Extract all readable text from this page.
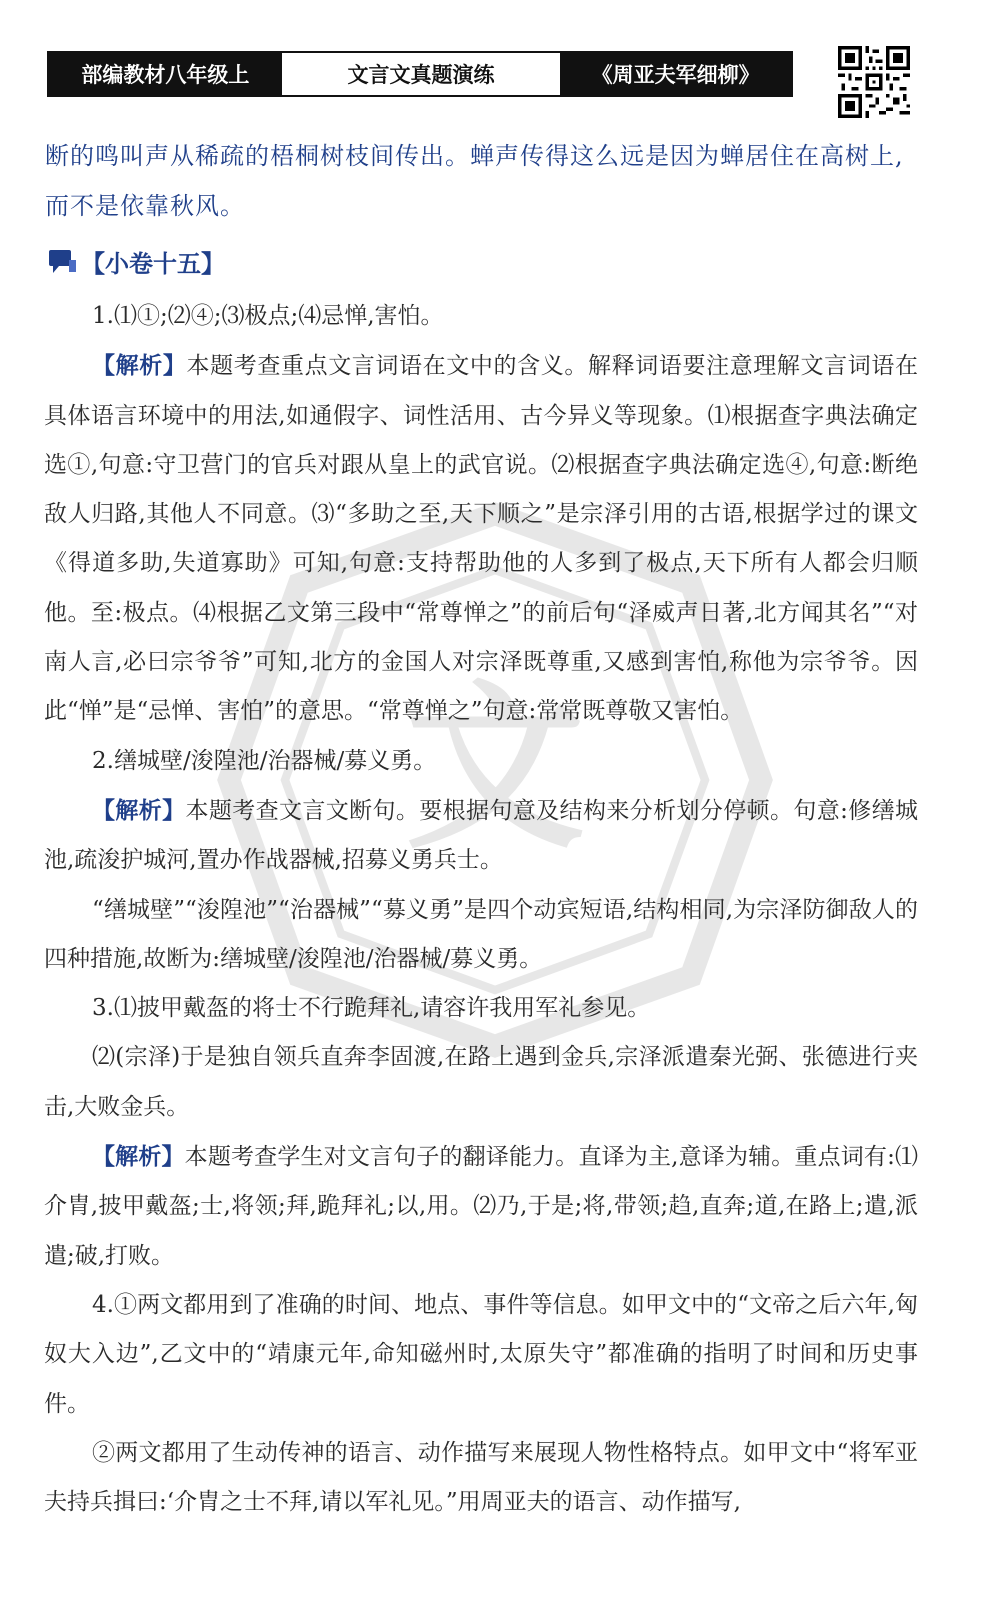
部编教材八年级上	文言文真题演练	《周亚夫军细柳》
断的鸣叫声从稀疏的梧桐树枝间传出。蝉声传得这么远是因为蝉居住在高树上,
而不是依靠秋风。
【小卷十五】
文

1.⑴①;⑵④;⑶极点;⑷忌惮,害怕。

【解析】本题考查重点文言词语在文中的含义。解释词语要注意理解文言词语在具体语言环境中的用法,如通假字、词性活用、古今异义等现象。⑴根据查字典法确定选①,句意:守卫营门的官兵对跟从皇上的武官说。⑵根据查字典法确定选④,句意:断绝敌人归路,其他人不同意。⑶“多助之至,天下顺之”是宗泽引用的古语,根据学过的课文《得道多助,失道寡助》可知,句意:支持帮助他的人多到了极点,天下所有人都会归顺他。至:极点。⑷根据乙文第三段中“常尊惮之”的前后句“泽威声日著,北方闻其名”“对南人言,必曰宗爷爷”可知,北方的金国人对宗泽既尊重,又感到害怕,称他为宗爷爷。因此“惮”是“忌惮、害怕”的意思。“常尊惮之”句意:常常既尊敬又害怕。

2.缮城壁/浚隍池/治器械/募义勇。

【解析】本题考查文言文断句。要根据句意及结构来分析划分停顿。句意:修缮城池,疏浚护城河,置办作战器械,招募义勇兵士。

“缮城壁”“浚隍池”“治器械”“募义勇”是四个动宾短语,结构相同,为宗泽防御敌人的四种措施,故断为:缮城壁/浚隍池/治器械/募义勇。

3.⑴披甲戴盔的将士不行跪拜礼,请容许我用军礼参见。

⑵(宗泽)于是独自领兵直奔李固渡,在路上遇到金兵,宗泽派遣秦光弼、张德进行夹击,大败金兵。

【解析】本题考查学生对文言句子的翻译能力。直译为主,意译为辅。重点词有:⑴介胄,披甲戴盔;士,将领;拜,跪拜礼;以,用。⑵乃,于是;将,带领;趋,直奔;道,在路上;遣,派遣;破,打败。

4.①两文都用到了准确的时间、地点、事件等信息。如甲文中的“文帝之后六年,匈奴大入边”,乙文中的“靖康元年,命知磁州时,太原失守”都准确的指明了时间和历史事件。

②两文都用了生动传神的语言、动作描写来展现人物性格特点。如甲文中“将军亚夫持兵揖曰:‘介胄之士不拜,请以军礼见。”用周亚夫的语言、动作描写,
